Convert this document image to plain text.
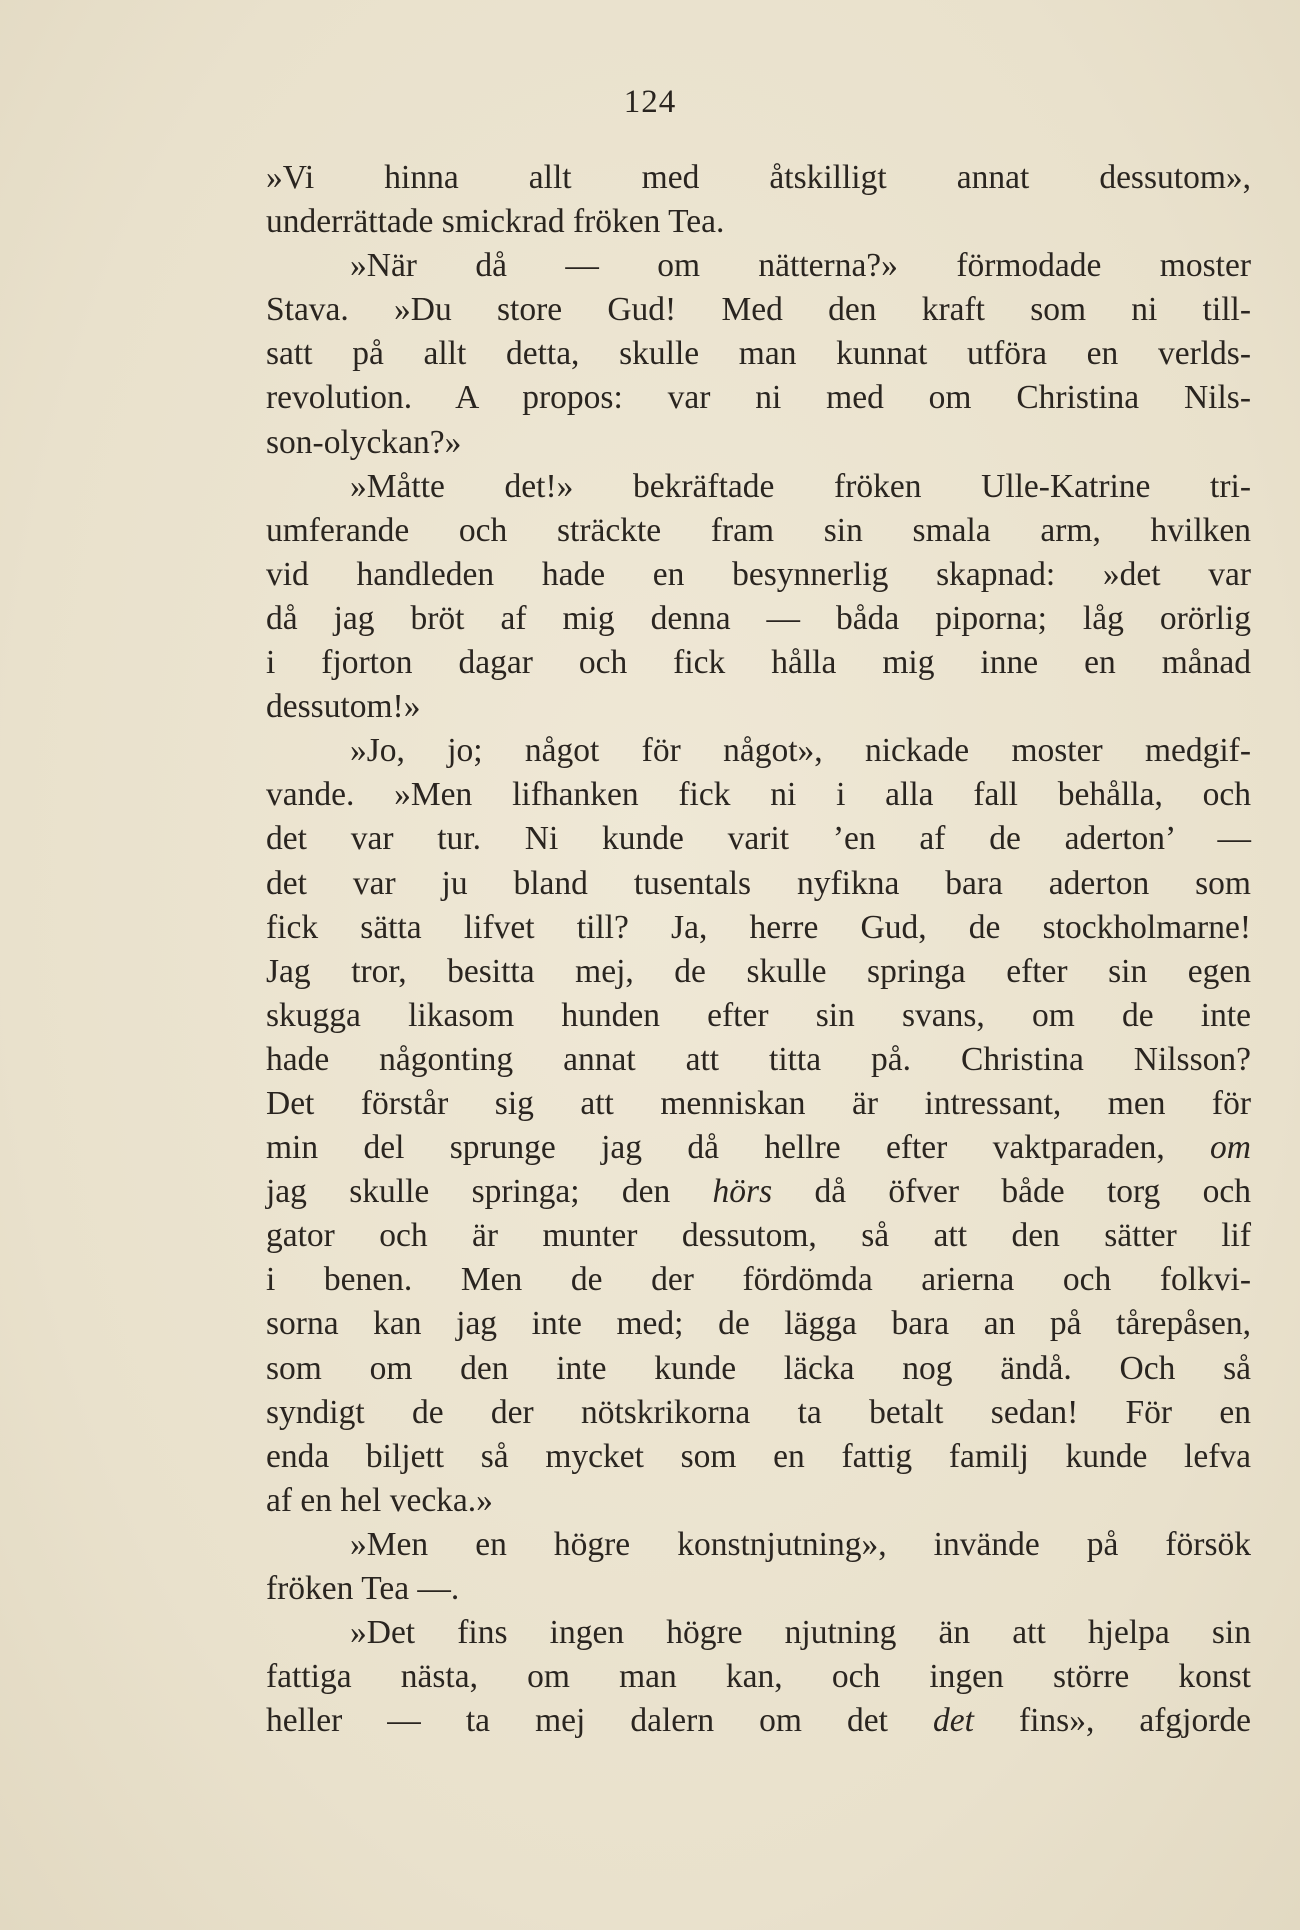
124
»Vi hinna allt med åtskilligt annat dessutom»,
underrättade smickrad fröken Tea.
»När då — om nätterna?» förmodade moster
Stava. »Du store Gud! Med den kraft som ni till-
satt på allt detta, skulle man kunnat utföra en verlds-
revolution. A propos: var ni med om Christina Nils-
son-olyckan?»
»Måtte det!» bekräftade fröken Ulle-Katrine tri-
umferande och sträckte fram sin smala arm, hvilken
vid handleden hade en besynnerlig skapnad: »det var
då jag bröt af mig denna — båda piporna; låg orörlig
i fjorton dagar och fick hålla mig inne en månad
dessutom!»
»Jo, jo; något för något», nickade moster medgif-
vande. »Men lifhanken fick ni i alla fall behålla, och
det var tur. Ni kunde varit ’en af de aderton’ —
det var ju bland tusentals nyfikna bara aderton som
fick sätta lifvet till? Ja, herre Gud, de stockholmarne!
Jag tror, besitta mej, de skulle springa efter sin egen
skugga likasom hunden efter sin svans, om de inte
hade någonting annat att titta på. Christina Nilsson?
Det förstår sig att menniskan är intressant, men för
min del sprunge jag då hellre efter vaktparaden, om
jag skulle springa; den hörs då öfver både torg och
gator och är munter dessutom, så att den sätter lif
i benen. Men de der fördömda arierna och folkvi-
sorna kan jag inte med; de lägga bara an på tårepåsen,
som om den inte kunde läcka nog ändå. Och så
syndigt de der nötskrikorna ta betalt sedan! För en
enda biljett så mycket som en fattig familj kunde lefva
af en hel vecka.»
»Men en högre konstnjutning», invände på försök
fröken Tea —.
»Det fins ingen högre njutning än att hjelpa sin
fattiga nästa, om man kan, och ingen större konst
heller — ta mej dalern om det det fins», afgjorde
